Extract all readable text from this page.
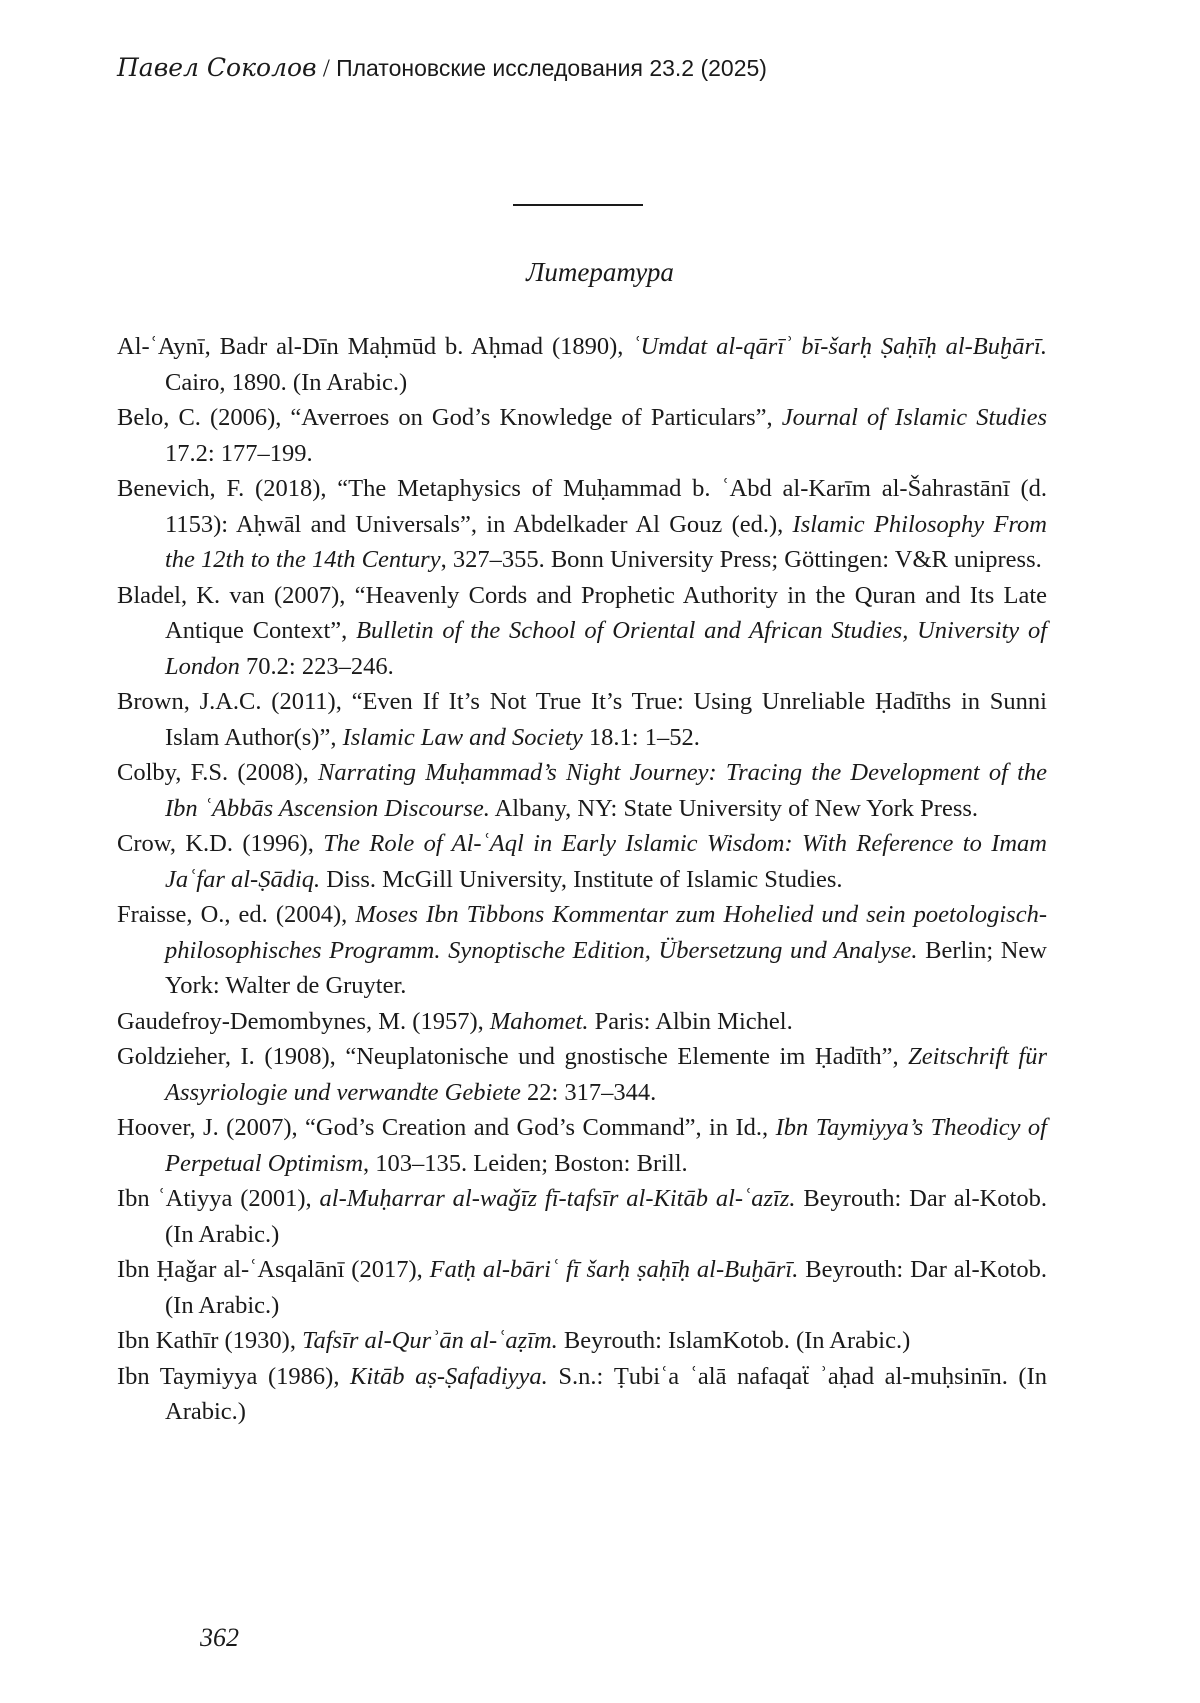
Павел Соколов / Платоновские исследования 23.2 (2025)
Литература
Al-ʿAynī, Badr al-Dīn Maḥmūd b. Aḥmad (1890), ʿUmdat al-qārīʾ bī-šarḥ Ṣaḥīḥ al-Buḫārī. Cairo, 1890. (In Arabic.)
Belo, C. (2006), “Averroes on God’s Knowledge of Particulars”, Journal of Islamic Studies 17.2: 177–199.
Benevich, F. (2018), “The Metaphysics of Muḥammad b. ʿAbd al-Karīm al-Šahrastānī (d. 1153): Aḥwāl and Universals”, in Abdelkader Al Gouz (ed.), Islamic Philosophy From the 12th to the 14th Century, 327–355. Bonn University Press; Göttingen: V&R unipress.
Bladel, K. van (2007), “Heavenly Cords and Prophetic Authority in the Quran and Its Late Antique Context”, Bulletin of the School of Oriental and African Studies, University of London 70.2: 223–246.
Brown, J.A.C. (2011), “Even If It’s Not True It’s True: Using Unreliable Ḥadīths in Sunni Islam Author(s)”, Islamic Law and Society 18.1: 1–52.
Colby, F.S. (2008), Narrating Muḥammad’s Night Journey: Tracing the Development of the Ibn ʿAbbās Ascension Discourse. Albany, NY: State University of New York Press.
Crow, K.D. (1996), The Role of Al-ʿAql in Early Islamic Wisdom: With Reference to Imam Jaʿfar al-Ṣādiq. Diss. McGill University, Institute of Islamic Studies.
Fraisse, O., ed. (2004), Moses Ibn Tibbons Kommentar zum Hohelied und sein poetologisch-philosophisches Programm. Synoptische Edition, Übersetzung und Analyse. Berlin; New York: Walter de Gruyter.
Gaudefroy-Demombynes, M. (1957), Mahomet. Paris: Albin Michel.
Goldzieher, I. (1908), “Neuplatonische und gnostische Elemente im Ḥadīth”, Zeitschrift für Assyriologie und verwandte Gebiete 22: 317–344.
Hoover, J. (2007), “God’s Creation and God’s Command”, in Id., Ibn Taymiyya’s Theodicy of Perpetual Optimism, 103–135. Leiden; Boston: Brill.
Ibn ʿAtiyya (2001), al-Muḥarrar al-waǧīz fī-tafsīr al-Kitāb al-ʿazīz. Beyrouth: Dar al-Kotob. (In Arabic.)
Ibn Ḥaǧar al-ʿAsqalānī (2017), Fatḥ al-bāriʿ fī šarḥ ṣaḥīḥ al-Buḫārī. Beyrouth: Dar al-Kotob. (In Arabic.)
Ibn Kathīr (1930), Tafsīr al-Qurʾān al-ʿaẓīm. Beyrouth: IslamKotob. (In Arabic.)
Ibn Taymiyya (1986), Kitāb aṣ-Ṣafadiyya. S.n.: Ṭubiʿa ʿalā nafaqaẗ ʾaḥad al-muḥsinīn. (In Arabic.)
362
